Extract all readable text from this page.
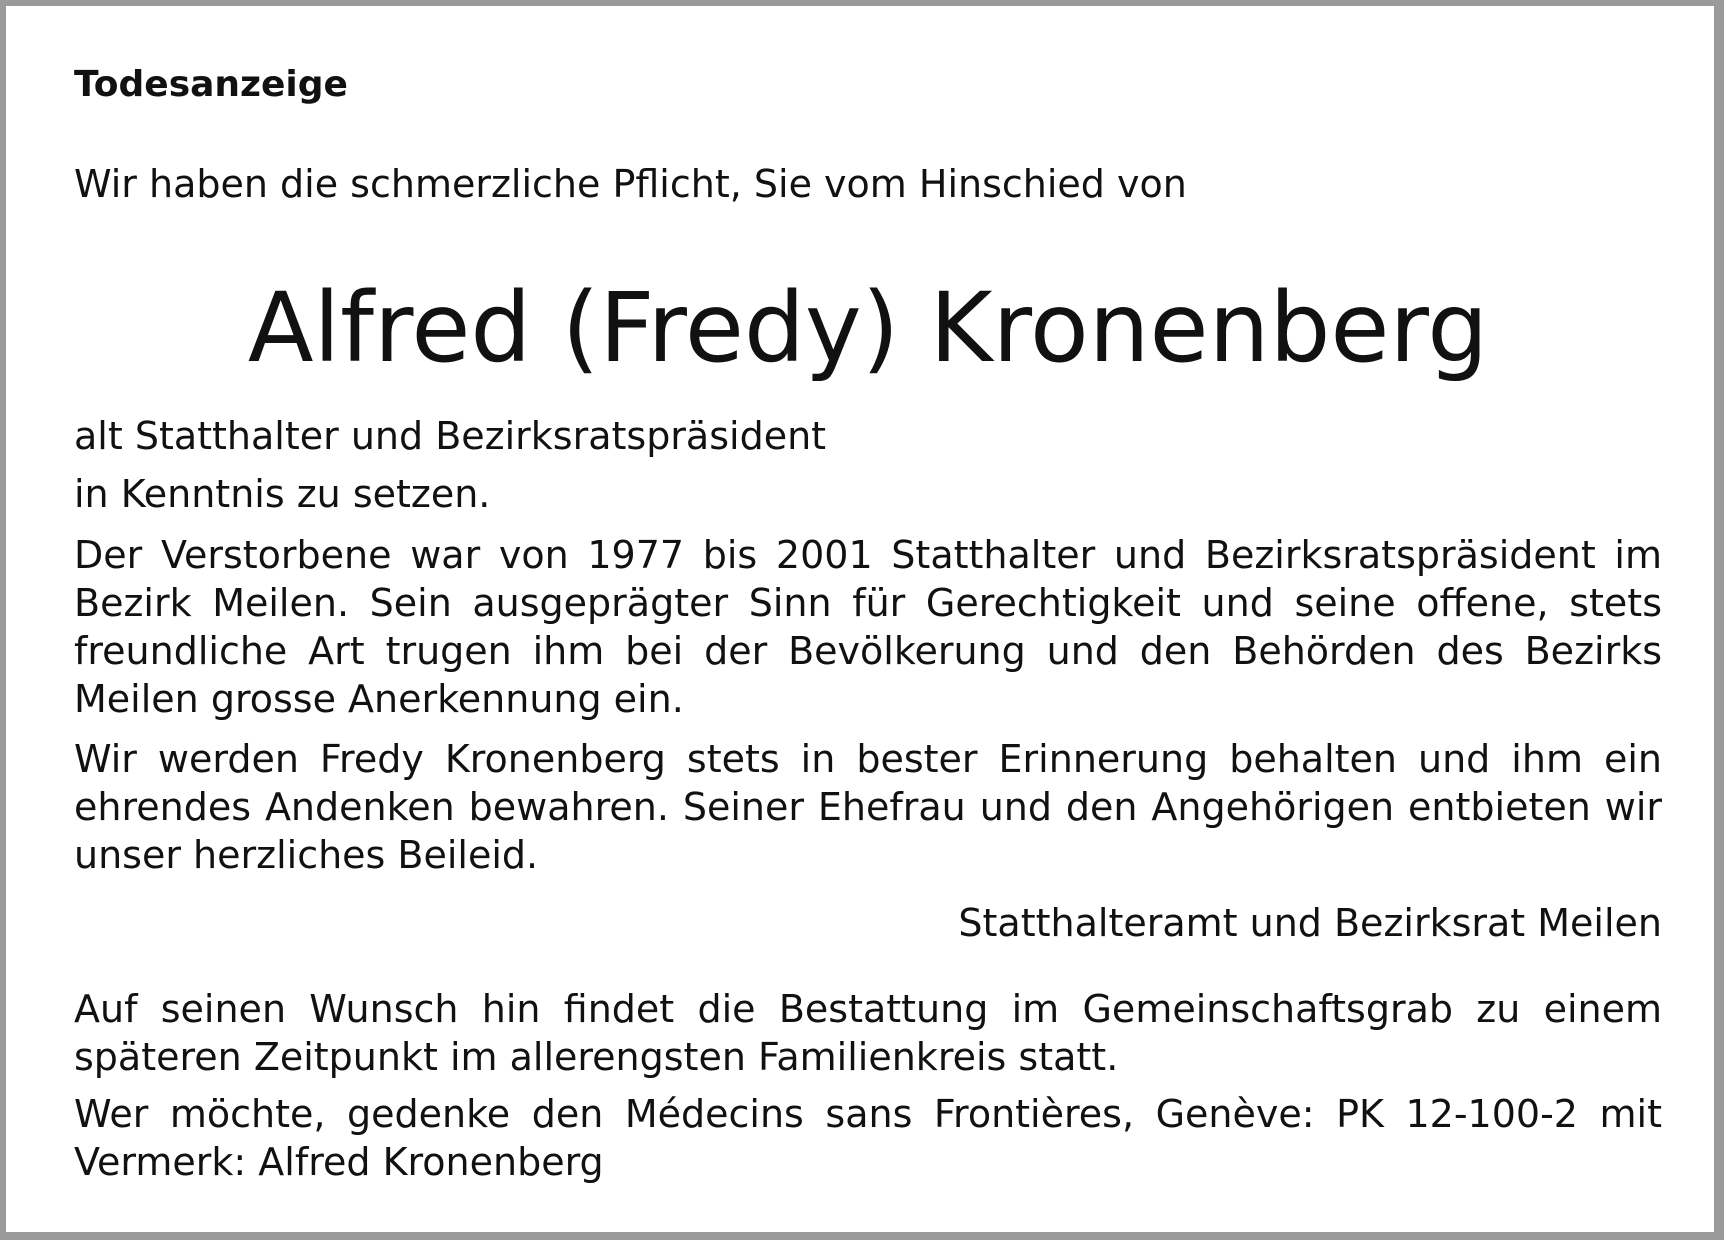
Todesanzeige

Wir haben die schmerzliche Pflicht, Sie vom Hinschied von

Alfred (Fredy) Kronenberg

alt Statthalter und Bezirksratspräsident

in Kenntnis zu setzen.

Der Verstorbene war von 1977 bis 2001 Statthalter und Bezirksratspräsident im Bezirk Meilen. Sein ausgeprägter Sinn für Gerechtigkeit und seine offene, stets freundliche Art trugen ihm bei der Bevölkerung und den Behörden des Bezirks Meilen grosse Anerkennung ein.

Wir werden Fredy Kronenberg stets in bester Erinnerung behalten und ihm ein ehrendes Andenken bewahren. Seiner Ehefrau und den Angehörigen entbieten wir unser herzliches Beileid.

Statthalteramt und Bezirksrat Meilen

Auf seinen Wunsch hin findet die Bestattung im Gemeinschaftsgrab zu einem späteren Zeitpunkt im allerengsten Familienkreis statt.

Wer möchte, gedenke den Médecins sans Frontières, Genève: PK 12-100-2 mit Vermerk: Alfred Kronenberg
